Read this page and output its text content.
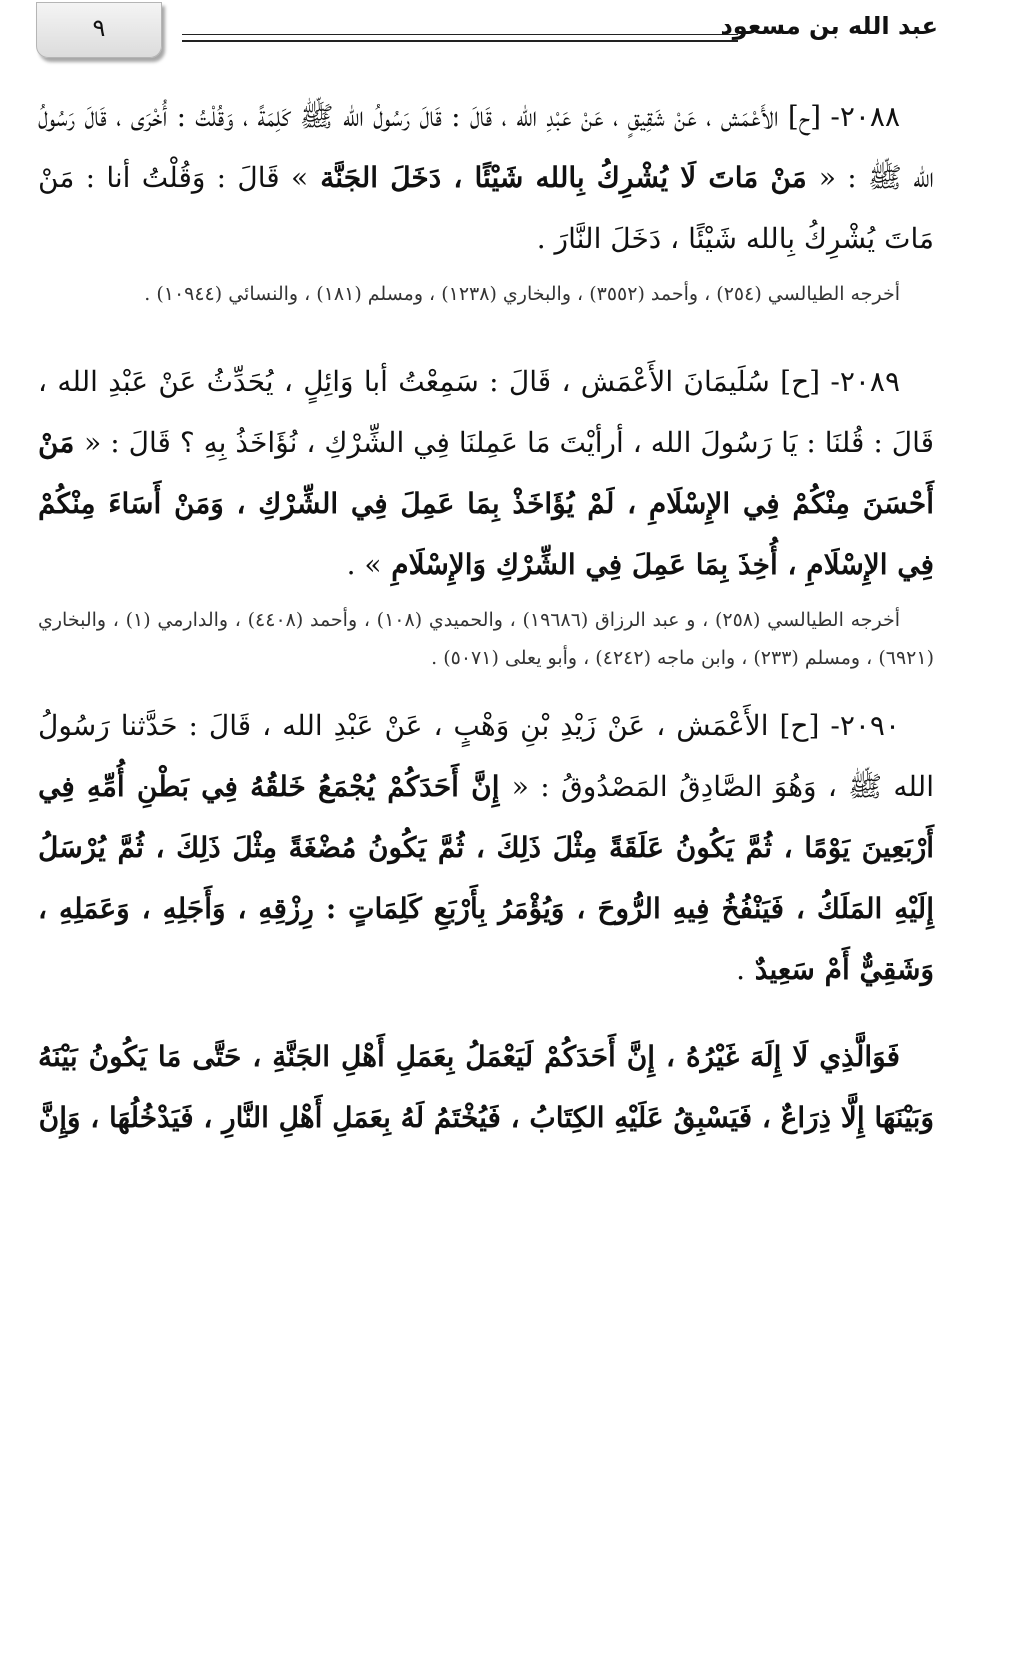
٩	عبد الله بن مسعود

٢٠٨٨- [ح] الأَعْمَش ، عَنْ شَقِيقٍ ، عَنْ عَبْدِ الله ، قَالَ : قَالَ رَسُولُ الله ﷺ كَلِمَةً ، وَقُلْتُ : أُخْرَى ، قَالَ رَسُولُ الله ﷺ : « مَنْ مَاتَ لَا يُشْرِكُ بِالله شَيْئًا ، دَخَلَ الجَنَّة » قَالَ : وَقُلْتُ أنا : مَنْ مَاتَ يُشْرِكُ بِالله شَيْئًا ، دَخَلَ النَّارَ .

أخرجه الطيالسي (٢٥٤) ، وأحمد (٣٥٥٢) ، والبخاري (١٢٣٨) ، ومسلم (١٨١) ، والنسائي (١٠٩٤٤) .

٢٠٨٩- [ح] سُلَيمَانَ الأَعْمَش ، قَالَ : سَمِعْتُ أبا وَائِلٍ ، يُحَدِّثُ عَنْ عَبْدِ الله ، قَالَ : قُلنَا : يَا رَسُولَ الله ، أرأيْتَ مَا عَمِلنَا فِي الشِّرْكِ ، نُؤَاخَذُ بِهِ ؟ قَالَ : « مَنْ أَحْسَنَ مِنْكُمْ فِي الإِسْلَامِ ، لَمْ يُؤَاخَذْ بِمَا عَمِلَ فِي الشِّرْكِ ، وَمَنْ أَسَاءَ مِنْكُمْ فِي الإِسْلَامِ ، أُخِذَ بِمَا عَمِلَ فِي الشِّرْكِ وَالإِسْلَامِ » .

أخرجه الطيالسي (٢٥٨) ، و عبد الرزاق (١٩٦٨٦) ، والحميدي (١٠٨) ، وأحمد (٤٤٠٨) ، والدارمي (١) ، والبخاري (٦٩٢١) ، ومسلم (٢٣٣) ، وابن ماجه (٤٢٤٢) ، وأبو يعلى (٥٠٧١) .

٢٠٩٠- [ح] الأَعْمَش ، عَنْ زَيْدِ بْنِ وَهْبٍ ، عَنْ عَبْدِ الله ، قَالَ : حَدَّثنا رَسُولُ الله ﷺ ، وَهُوَ الصَّادِقُ المَصْدُوقُ : « إِنَّ أَحَدَكُمْ يُجْمَعُ خَلقُهُ فِي بَطْنِ أُمِّهِ فِي أَرْبَعِينَ يَوْمًا ، ثُمَّ يَكُونُ عَلَقَةً مِثْلَ ذَلِكَ ، ثُمَّ يَكُونُ مُضْغَةً مِثْلَ ذَلِكَ ، ثُمَّ يُرْسَلُ إِلَيْهِ المَلَكُ ، فَيَنْفُخُ فِيهِ الرُّوحَ ، وَيُؤْمَرُ بِأَرْبَعِ كَلِمَاتٍ : رِزْقِهِ ، وَأَجَلِهِ ، وَعَمَلِهِ ، وَشَقِيٌّ أَمْ سَعِيدٌ .

فَوَالَّذِي لَا إِلَهَ غَيْرُهُ ، إِنَّ أَحَدَكُمْ لَيَعْمَلُ بِعَمَلِ أَهْلِ الجَنَّةِ ، حَتَّى مَا يَكُونُ بَيْنَهُ وَبَيْنَهَا إِلَّا ذِرَاعٌ ، فَيَسْبِقُ عَلَيْهِ الكِتَابُ ، فَيُخْتَمُ لَهُ بِعَمَلِ أَهْلِ النَّارِ ، فَيَدْخُلُهَا ، وَإِنَّ
